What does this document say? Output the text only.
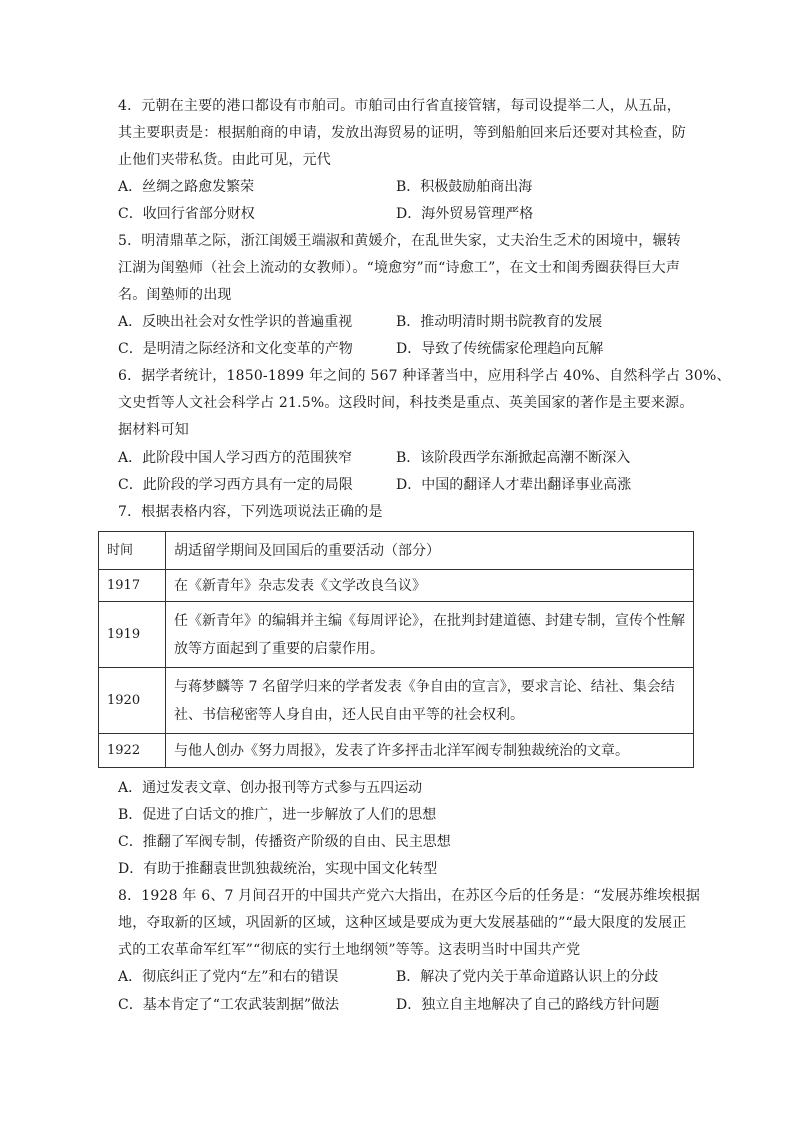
4．元朝在主要的港口都设有市舶司。市舶司由行省直接管辖，每司设提举二人，从五品，
其主要职责是：根据舶商的申请，发放出海贸易的证明，等到船舶回来后还要对其检查，防
止他们夹带私货。由此可见，元代
A．丝绸之路愈发繁荣	B．积极鼓励舶商出海
C．收回行省部分财权	D．海外贸易管理严格
5．明清鼎革之际，浙江闺媛王端淑和黄媛介，在乱世失家，丈夫治生乏术的困境中，辗转
江湖为闺塾师（社会上流动的女教师）。“境愈穷”而“诗愈工”，在文士和闺秀圈获得巨大声
名。闺塾师的出现
A．反映出社会对女性学识的普遍重视	B．推动明清时期书院教育的发展
C．是明清之际经济和文化变革的产物	D．导致了传统儒家伦理趋向瓦解
6．据学者统计，1850-1899 年之间的 567 种译著当中，应用科学占 40%、自然科学占 30%、
文史哲等人文社会科学占 21.5%。这段时间，科技类是重点、英美国家的著作是主要来源。
据材料可知
A．此阶段中国人学习西方的范围狭窄	B．该阶段西学东渐掀起高潮不断深入
C．此阶段的学习西方具有一定的局限	D．中国的翻译人才辈出翻译事业高涨
7．根据表格内容，下列选项说法正确的是
时间	胡适留学期间及回国后的重要活动（部分）
1917	在《新青年》杂志发表《文学改良刍议》
1919	任《新青年》的编辑并主编《每周评论》，在批判封建道德、封建专制，宣传个性解放等方面起到了重要的启蒙作用。
1920	与蒋梦麟等 7 名留学归来的学者发表《争自由的宣言》，要求言论、结社、集会结社、书信秘密等人身自由，还人民自由平等的社会权利。
1922	与他人创办《努力周报》，发表了许多抨击北洋军阀专制独裁统治的文章。
A．通过发表文章、创办报刊等方式参与五四运动
B．促进了白话文的推广，进一步解放了人们的思想
C．推翻了军阀专制，传播资产阶级的自由、民主思想
D．有助于推翻袁世凯独裁统治，实现中国文化转型
8．1928 年 6、7 月间召开的中国共产党六大指出，在苏区今后的任务是：“发展苏维埃根据
地，夺取新的区域，巩固新的区域，这种区域是要成为更大发展基础的”“最大限度的发展正
式的工农革命军红军”“彻底的实行土地纲领”等等。这表明当时中国共产党
A．彻底纠正了党内“左”和右的错误	B．解决了党内关于革命道路认识上的分歧
C．基本肯定了“工农武装割据”做法	D．独立自主地解决了自己的路线方针问题
